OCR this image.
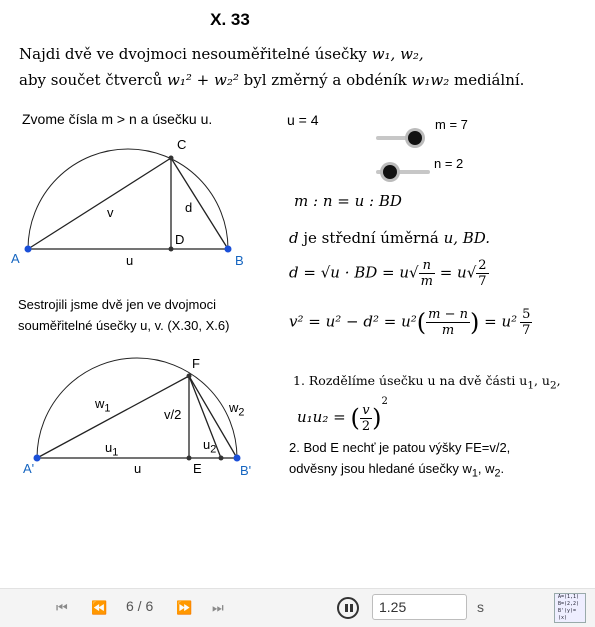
X. 33
Najdi dvě ve dvojmoci nesouměřitelné úsečky w₁, w₂,
aby součet čtverců w₁² + w₂² byl změrný a obdéník w₁w₂ mediální.
Zvome čísla m > n a úsečku u.	u = 4	m = 7
n = 2
A	B
C
D
v	d
u
m : n = u : BD
d je střední úměrná u, BD.
d = √u · BD = $u√ \frac{n}{m} = u√ \frac{2}{7}$
$v^2 = u^2 - d^2 = u^2( \frac{m - n}{m}$ ) = $u^2 \frac{5}{7}$
Sestrojili jsme dvě jen ve dvojmoci
souměřitelné úsečky u, v. (X.30, X.6)
A'	B'
F
E
$w_1$	$w_2$
v/2
$u_1$
$u_2$
u
1. Rozdělíme úsečku u na dvě části $u_1$, $u_2$,
u₁u₂ = ( $\frac{v}{2} )^2$
2. Bod E nechť je patou výšky FE=v/2,
odvěsny jsou hledané úsečky $w_1$, $w_2$.
⏮ ⏪ 6 / 6 ⏩ ⏭
1.25	s
A=(1,1)
B=(2,2)
B'(y)=(x)
